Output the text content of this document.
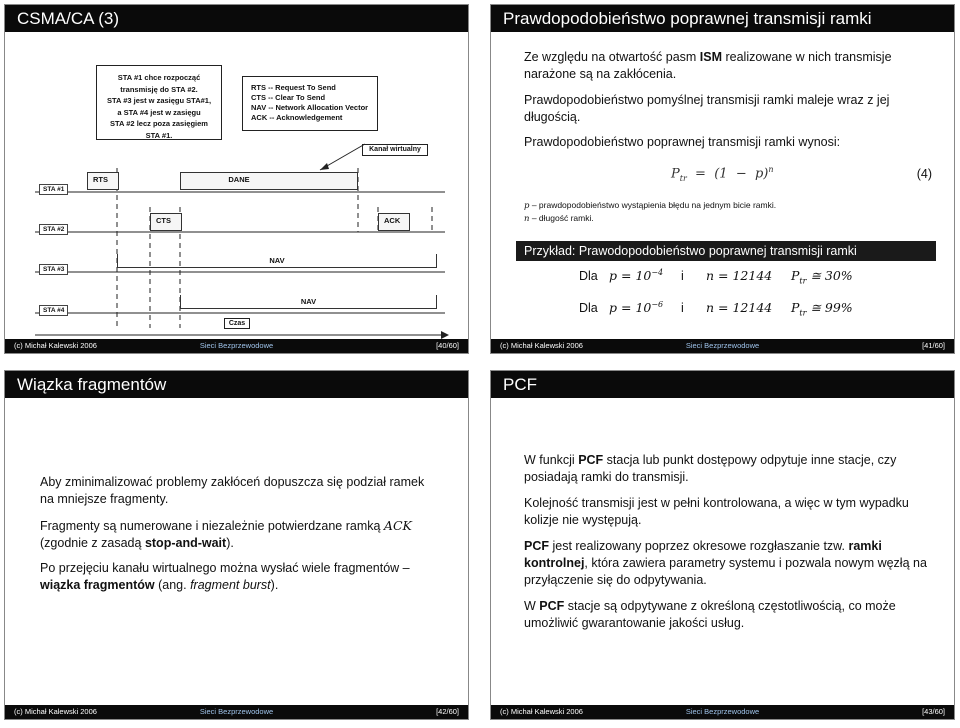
CSMA/CA (3)
STA #1 chce rozpocząć
transmisję do STA #2.
STA #3 jest w zasięgu STA#1,
a STA #4 jest w zasięgu
STA #2 lecz poza zasięgiem
STA #1.
RTS -- Request To Send
CTS -- Clear To Send
NAV -- Network Allocation Vector
ACK -- Acknowledgement
Kanał wirtualny
STA #1
STA #2
STA #3
STA #4
RTS	DANE
CTS	ACK
NAV
NAV
Czas
(c) Michał Kalewski 2006	Sieci Bezprzewodowe	[40/60]
Prawdopodobieństwo poprawnej transmisji ramki

Ze względu na otwartość pasm ISM realizowane w nich transmisje narażone są na zakłócenia.

Prawdopodobieństwo pomyślnej transmisji ramki maleje wraz z jej długością.

Prawdopodobieństwo poprawnej transmisji ramki wynosi:

$P_{tr} = (1 - p)^n$	(4)
p – prawdopodobieństwo wystąpienia błędu na jednym bicie ramki.
n – długość ramki.
Przykład: Prawodopodobieństwo poprawnej transmisji ramki
Dla $p = 10^{-4}$ i n = 12144 $P_{tr}$ ≅ 30%
Dla $p = 10^{-6}$ i n = 12144 $P_{tr}$ ≅ 99%
(c) Michał Kalewski 2006	Sieci Bezprzewodowe	[41/60]
Wiązka fragmentów

Aby zminimalizować problemy zakłóceń dopuszcza się podział ramek na mniejsze fragmenty.

Fragmenty są numerowane i niezależnie potwierdzane ramką ACK (zgodnie z zasadą stop-and-wait).

Po przejęciu kanału wirtualnego można wysłać wiele fragmentów – wiązka fragmentów (ang. fragment burst).

(c) Michał Kalewski 2006	Sieci Bezprzewodowe	[42/60]
PCF

W funkcji PCF stacja lub punkt dostępowy odpytuje inne stacje, czy posiadają ramki do transmisji.

Kolejność transmisji jest w pełni kontrolowana, a więc w tym wypadku kolizje nie występują.

PCF jest realizowany poprzez okresowe rozgłaszanie tzw. ramki kontrolnej, która zawiera parametry systemu i pozwala nowym węzłą na przyłączenie się do odpytywania.

W PCF stacje są odpytywane z określoną częstotliwością, co może umożliwić gwarantowanie jakości usług.

(c) Michał Kalewski 2006	Sieci Bezprzewodowe	[43/60]
